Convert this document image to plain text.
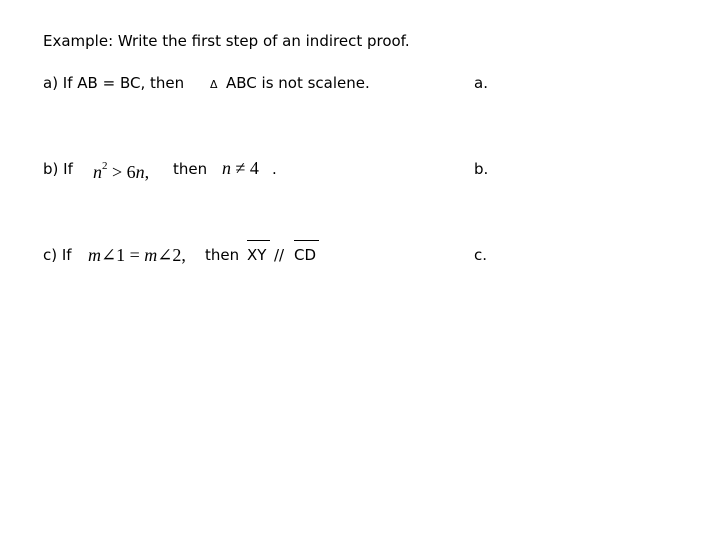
Example: Write the first step of an indirect proof.
a) If AB = BC, then Δ ABC is not scalene.	a.
b) If $n^2 > 6n$, then n ≠ 4 .	b.
c) If m∠1 = m∠2, then XY // CD	c.
